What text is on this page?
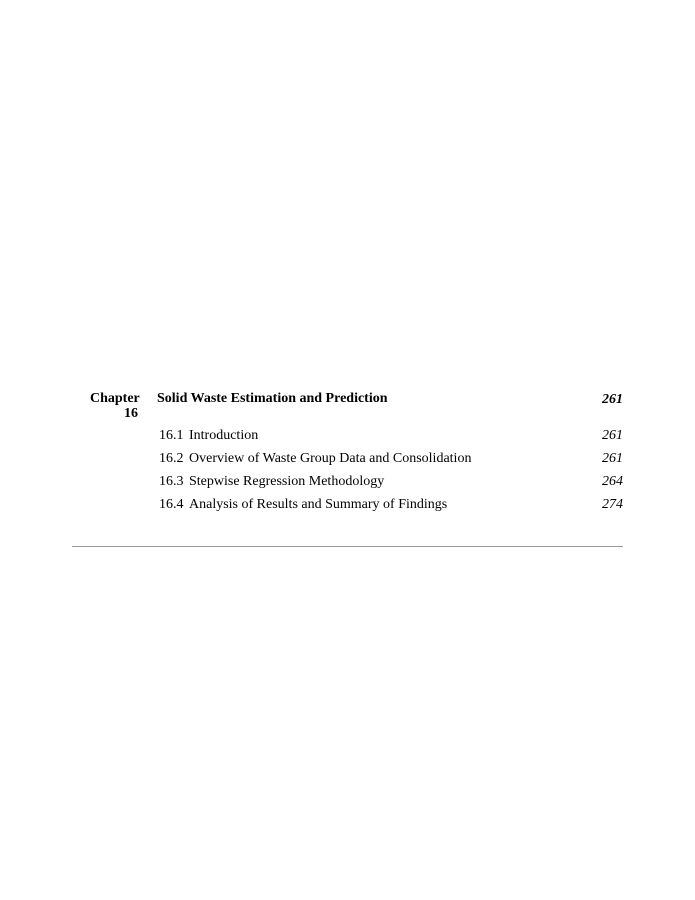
Chapter
16
Solid Waste Estimation and Prediction	261
16.1 Introduction	261
16.2 Overview of Waste Group Data and Consolidation	261
16.3 Stepwise Regression Methodology	264
16.4 Analysis of Results and Summary of Findings	274
